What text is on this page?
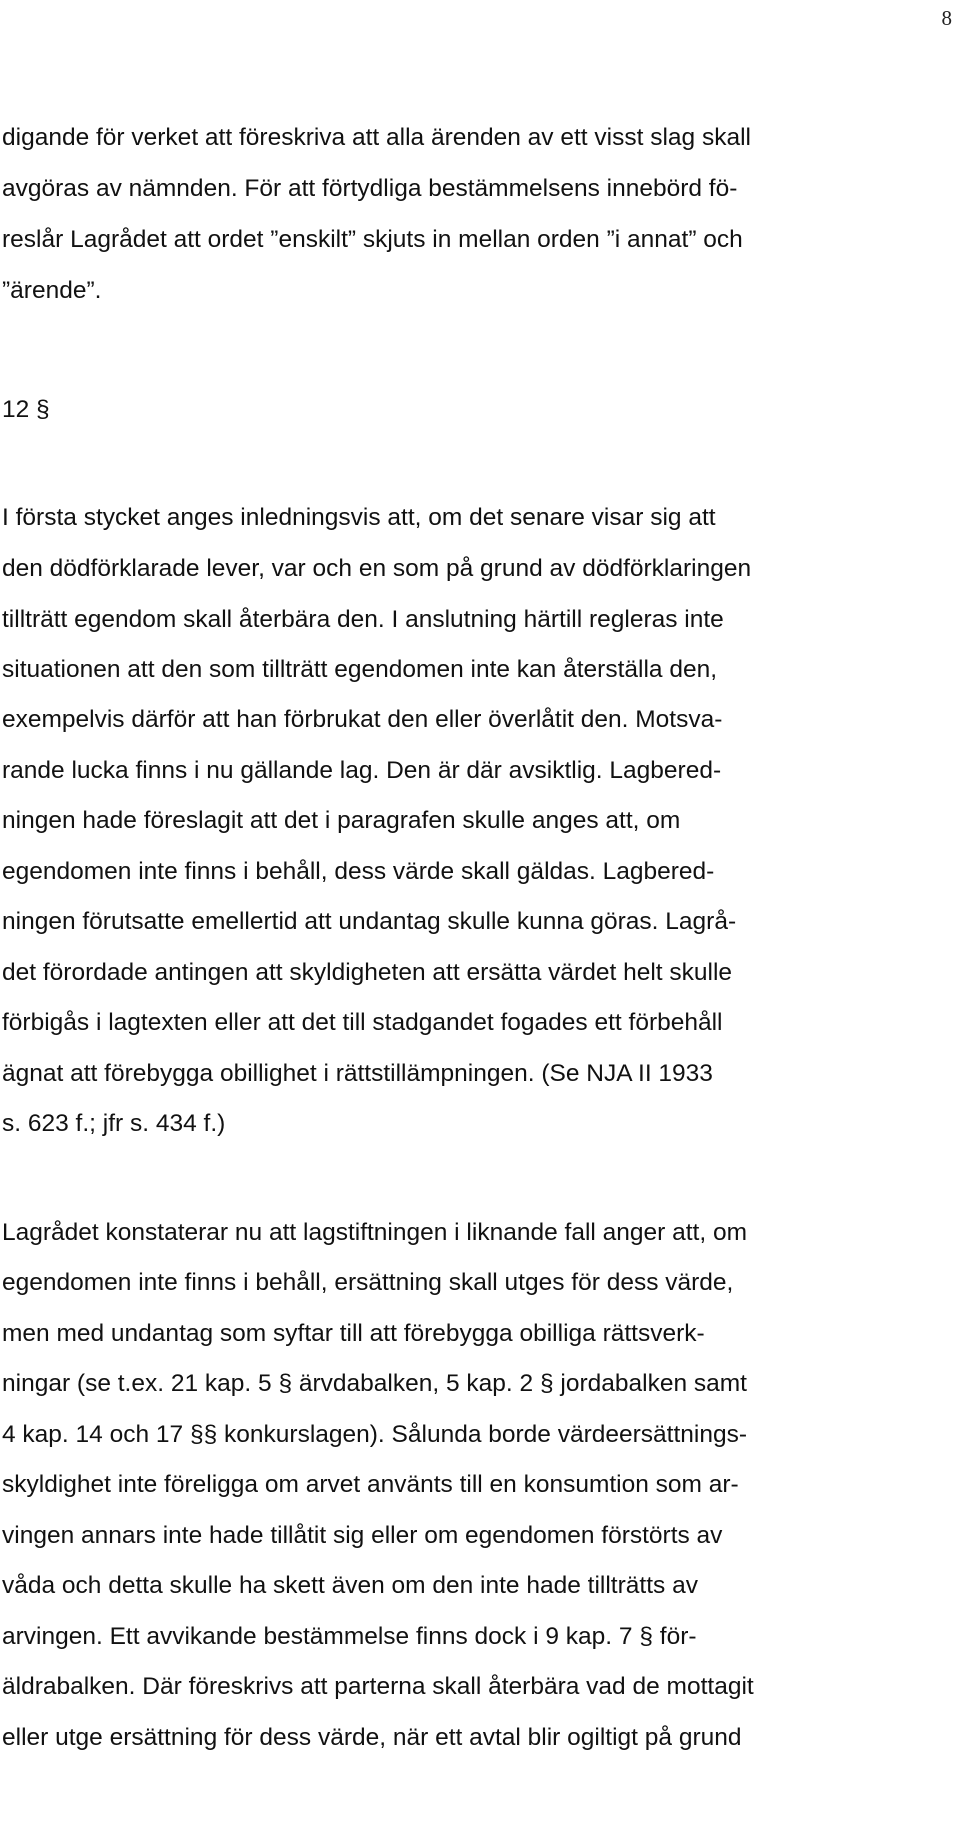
8
digande för verket att föreskriva att alla ärenden av ett visst slag skall
avgöras av nämnden. För att förtydliga bestämmelsens innebörd fö-
reslår Lagrådet att ordet ”enskilt” skjuts in mellan orden ”i annat” och
”ärende”.
12 §
I första stycket anges inledningsvis att, om det senare visar sig att
den dödförklarade lever, var och en som på grund av dödförklaringen
tillträtt egendom skall återbära den. I anslutning härtill regleras inte
situationen att den som tillträtt egendomen inte kan återställa den,
exempelvis därför att han förbrukat den eller överlåtit den. Motsva-
rande lucka finns i nu gällande lag. Den är där avsiktlig. Lagbered-
ningen hade föreslagit att det i paragrafen skulle anges att, om
egendomen inte finns i behåll, dess värde skall gäldas. Lagbered-
ningen förutsatte emellertid att undantag skulle kunna göras. Lagrå-
det förordade antingen att skyldigheten att ersätta värdet helt skulle
förbigås i lagtexten eller att det till stadgandet fogades ett förbehåll
ägnat att förebygga obillighet i rättstillämpningen. (Se NJA II 1933
s. 623 f.; jfr s. 434 f.)
Lagrådet konstaterar nu att lagstiftningen i liknande fall anger att, om
egendomen inte finns i behåll, ersättning skall utges för dess värde,
men med undantag som syftar till att förebygga obilliga rättsverk-
ningar (se t.ex. 21 kap. 5 § ärvdabalken, 5 kap. 2 § jordabalken samt
4 kap. 14 och 17 §§ konkurslagen). Sålunda borde värdeersättnings-
skyldighet inte föreligga om arvet använts till en konsumtion som ar-
vingen annars inte hade tillåtit sig eller om egendomen förstörts av
våda och detta skulle ha skett även om den inte hade tillträtts av
arvingen. Ett avvikande bestämmelse finns dock i 9 kap. 7 § för-
äldrabalken. Där föreskrivs att parterna skall återbära vad de mottagit
eller utge ersättning för dess värde, när ett avtal blir ogiltigt på grund
